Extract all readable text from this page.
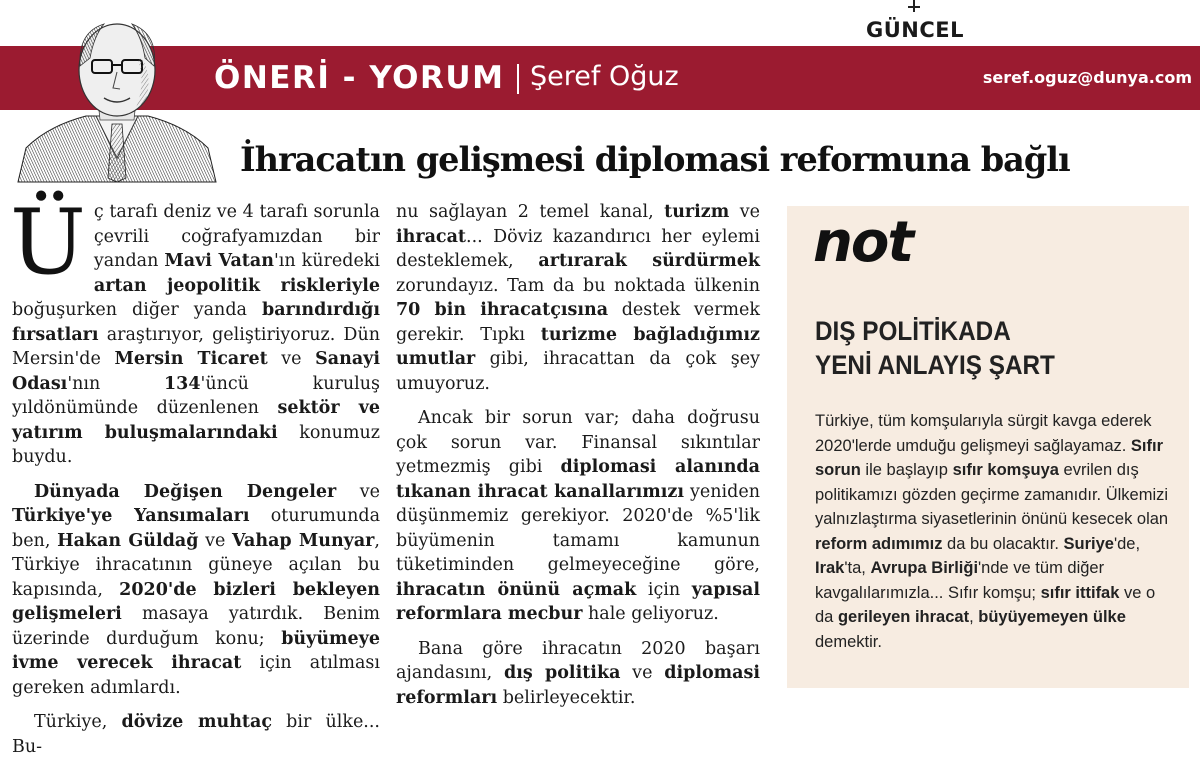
GÜNCEL
ÖNERİ - YORUM Şeref Oğuz	seref.oguz@dunya.com
İhracatın gelişmesi diplomasi reformuna bağlı

Üç tarafı deniz ve 4 tarafı sorunla çevrili coğrafyamızdan bir yandan Mavi Vatan'ın küredeki artan jeopolitik riskleriyle boğuşurken diğer yanda barındırdığı fırsatları araştırıyor, geliştiriyoruz. Dün Mersin'de Mersin Ticaret ve Sanayi Odası'nın 134'üncü kuruluş yıldönümünde düzenlenen sektör ve yatırım buluşmalarındaki konumuz buydu.

Dünyada Değişen Dengeler ve Türkiye'ye Yansımaları oturumunda ben, Hakan Güldağ ve Vahap Munyar, Türkiye ihracatının güneye açılan bu kapısında, 2020'de bizleri bekleyen gelişmeleri masaya yatırdık. Benim üzerinde durduğum konu; büyümeye ivme verecek ihracat için atılması gereken adımlardı.

Türkiye, dövize muhtaç bir ülke... Bu-

nu sağlayan 2 temel kanal, turizm ve ihracat... Döviz kazandırıcı her eylemi desteklemek, artırarak sürdürmek zorundayız. Tam da bu noktada ülkenin 70 bin ihracatçısına destek vermek gerekir. Tıpkı turizme bağladığımız umutlar gibi, ihracattan da çok şey umuyoruz.

Ancak bir sorun var; daha doğrusu çok sorun var. Finansal sıkıntılar yetmezmiş gibi diplomasi alanında tıkanan ihracat kanallarımızı yeniden düşünmemiz gerekiyor. 2020'de %5'lik büyümenin tamamı kamunun tüketiminden gelmeyeceğine göre, ihracatın önünü açmak için yapısal reformlara mecbur hale geliyoruz.

Bana göre ihracatın 2020 başarı ajandasını, dış politika ve diplomasi reformları belirleyecektir.

not
DIŞ POLİTİKADA
YENİ ANLAYIŞ ŞART
Türkiye, tüm komşularıyla sürgit kavga ederek 2020'lerde umduğu gelişmeyi sağlayamaz. Sıfır sorun ile başlayıp sıfır komşuya evrilen dış politikamızı gözden geçirme zamanıdır. Ülkemizi yalnızlaştırma siyasetlerinin önünü kesecek olan reform adımımız da bu olacaktır. Suriye'de, Irak'ta, Avrupa Birliği'nde ve tüm diğer kavgalılarımızla... Sıfır komşu; sıfır ittifak ve o da gerileyen ihracat, büyüyemeyen ülke demektir.
